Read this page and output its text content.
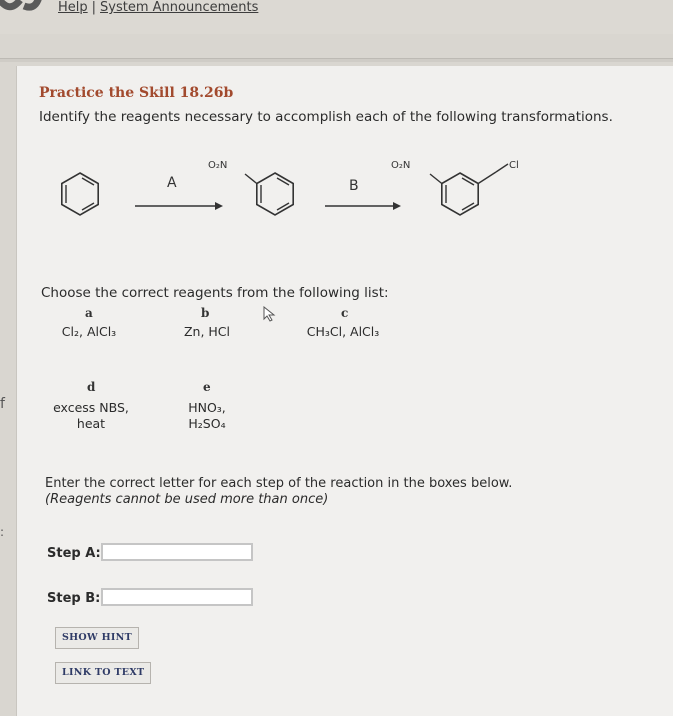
Help | System Announcements
f
Practice the Skill 18.26b
Identify the reagents necessary to accomplish each of the following transformations.
A
O₂N
B
O₂N	Cl
Choose the correct reagents from the following list:
a
Cl₂, AlCl₃
b
Zn, HCl
c
CH₃Cl, AlCl₃
d
excess NBS,
heat
e
HNO₃,
H₂SO₄
Enter the correct letter for each step of the reaction in the boxes below.
(Reagents cannot be used more than once)
Step A:
Step B:
SHOW HINT
LINK TO TEXT
:
